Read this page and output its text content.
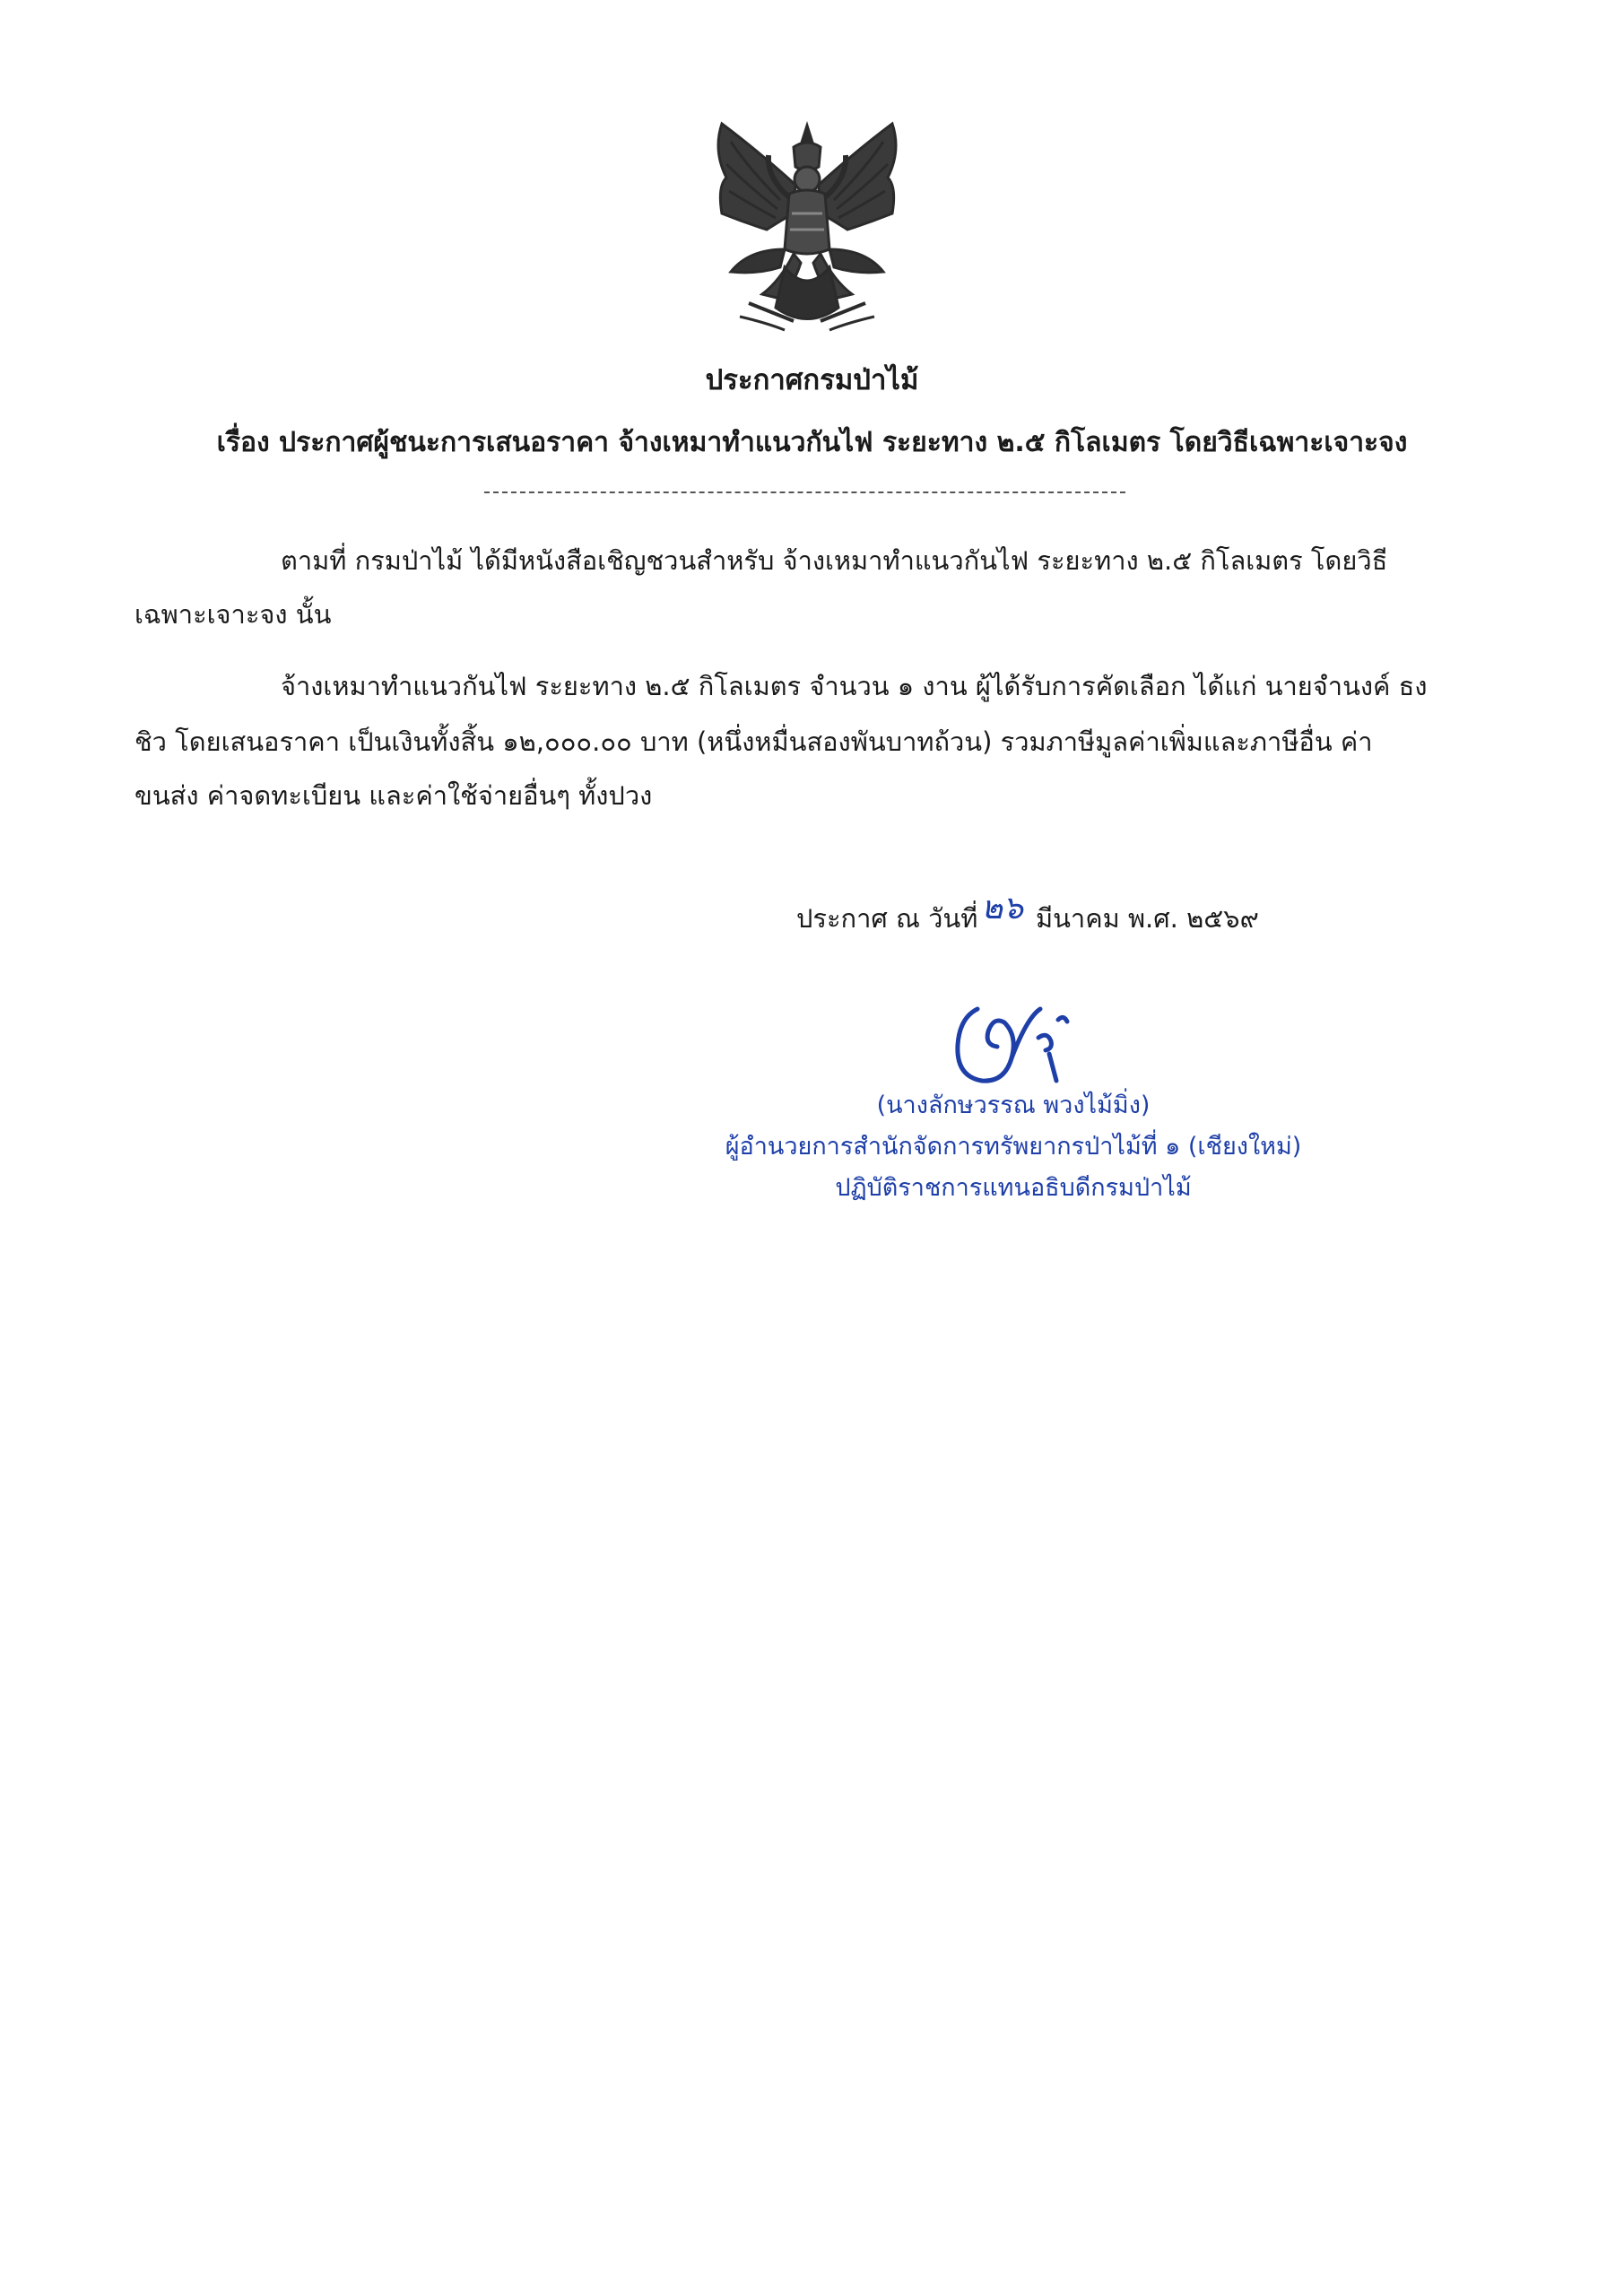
ประกาศกรมป่าไม้
เรื่อง ประกาศผู้ชนะการเสนอราคา จ้างเหมาทำแนวกันไฟ ระยะทาง ๒.๕ กิโลเมตร โดยวิธีเฉพาะเจาะจง
ตามที่ กรมป่าไม้ ได้มีหนังสือเชิญชวนสำหรับ จ้างเหมาทำแนวกันไฟ ระยะทาง ๒.๕ กิโลเมตร โดยวิธี
เฉพาะเจาะจง นั้น
จ้างเหมาทำแนวกันไฟ ระยะทาง ๒.๕ กิโลเมตร จำนวน ๑ งาน ผู้ได้รับการคัดเลือก ได้แก่ นายจำนงค์ ธง
ชิว โดยเสนอราคา เป็นเงินทั้งสิ้น ๑๒,๐๐๐.๐๐ บาท (หนึ่งหมื่นสองพันบาทถ้วน) รวมภาษีมูลค่าเพิ่มและภาษีอื่น ค่า
ขนส่ง ค่าจดทะเบียน และค่าใช้จ่ายอื่นๆ ทั้งปวง
ประกาศ ณ วันที่ ๒๖ มีนาคม พ.ศ. ๒๕๖๙
(นางลักษวรรณ พวงไม้มิ่ง)
ผู้อำนวยการสำนักจัดการทรัพยากรป่าไม้ที่ ๑ (เชียงใหม่)
ปฏิบัติราชการแทนอธิบดีกรมป่าไม้
